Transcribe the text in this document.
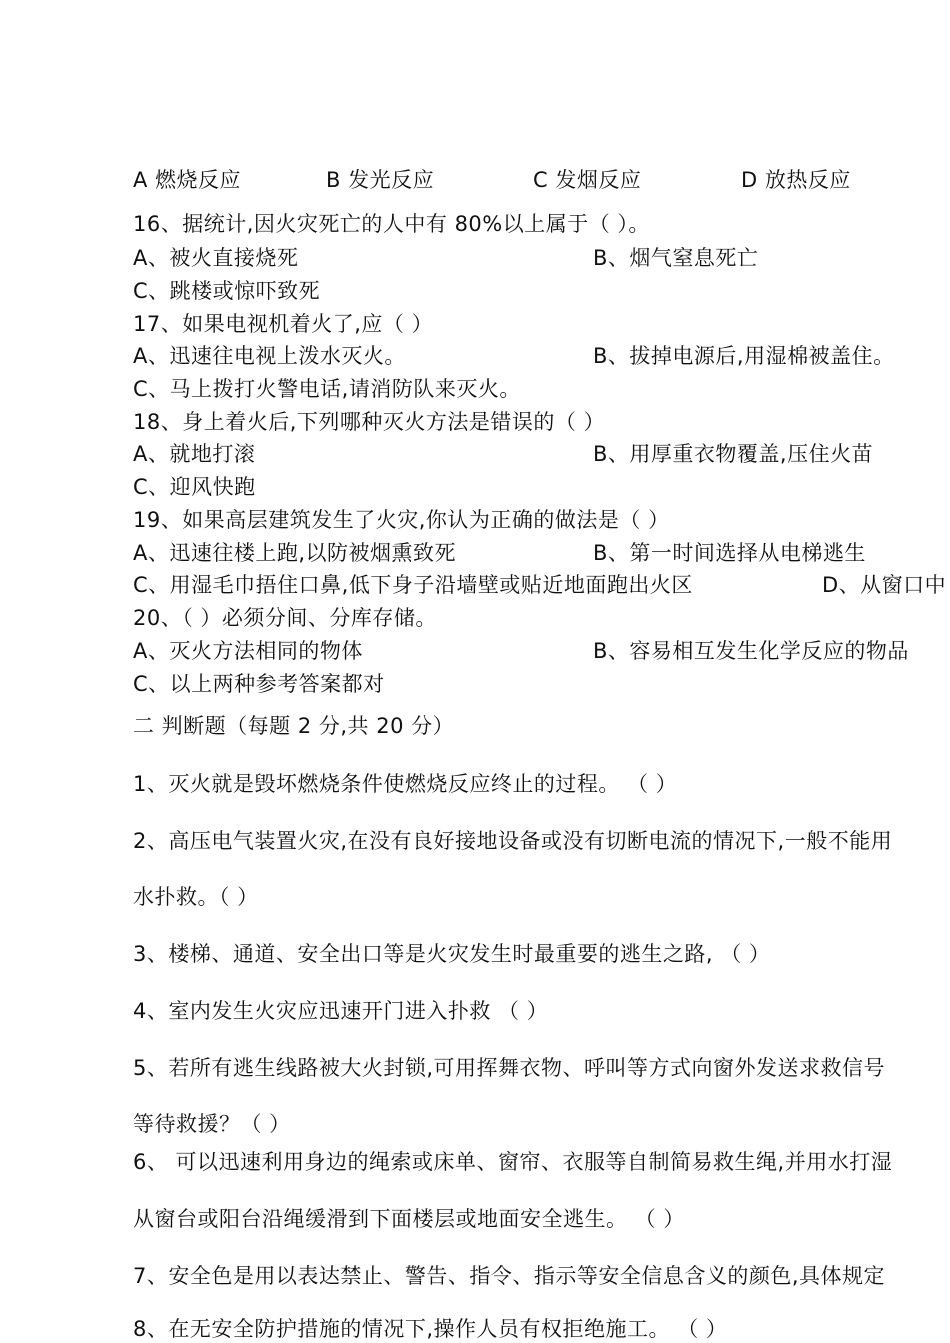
A 燃烧反应	B 发光反应	C 发烟反应	D 放热反应
16、据统计,因火灾死亡的人中有 80%以上属于（ ）。
A、被火直接烧死	B、烟气窒息死亡
C、跳楼或惊吓致死
17、如果电视机着火了,应（ ）
A、迅速往电视上泼水灭火。	B、拔掉电源后,用湿棉被盖住。
C、马上拨打火警电话,请消防队来灭火。
18、身上着火后,下列哪种灭火方法是错误的（ ）
A、就地打滚	B、用厚重衣物覆盖,压住火苗
C、迎风快跑
19、如果高层建筑发生了火灾,你认为正确的做法是（ ）
A、迅速往楼上跑,以防被烟熏致死	B、第一时间选择从电梯逃生
C、用湿毛巾捂住口鼻,低下身子沿墙壁或贴近地面跑出火区	D、从窗口中
20、（ ）必须分间、分库存储。
A、灭火方法相同的物体	B、容易相互发生化学反应的物品
C、以上两种参考答案都对
二 判断题（每题 2 分,共 20 分）
1、灭火就是毁坏燃烧条件使燃烧反应终止的过程。 （ ）
2、高压电气装置火灾,在没有良好接地设备或没有切断电流的情况下,一般不能用
水扑救。（ ）
3、楼梯、通道、安全出口等是火灾发生时最重要的逃生之路, （ ）
4、室内发生火灾应迅速开门进入扑救 （ ）
5、若所有逃生线路被大火封锁,可用挥舞衣物、呼叫等方式向窗外发送求救信号
等待救援？（ ）
6、 可以迅速利用身边的绳索或床单、窗帘、衣服等自制简易救生绳,并用水打湿
从窗台或阳台沿绳缓滑到下面楼层或地面安全逃生。 （ ）
7、安全色是用以表达禁止、警告、指令、指示等安全信息含义的颜色,具体规定
8、在无安全防护措施的情况下,操作人员有权拒绝施工。 （ ）
